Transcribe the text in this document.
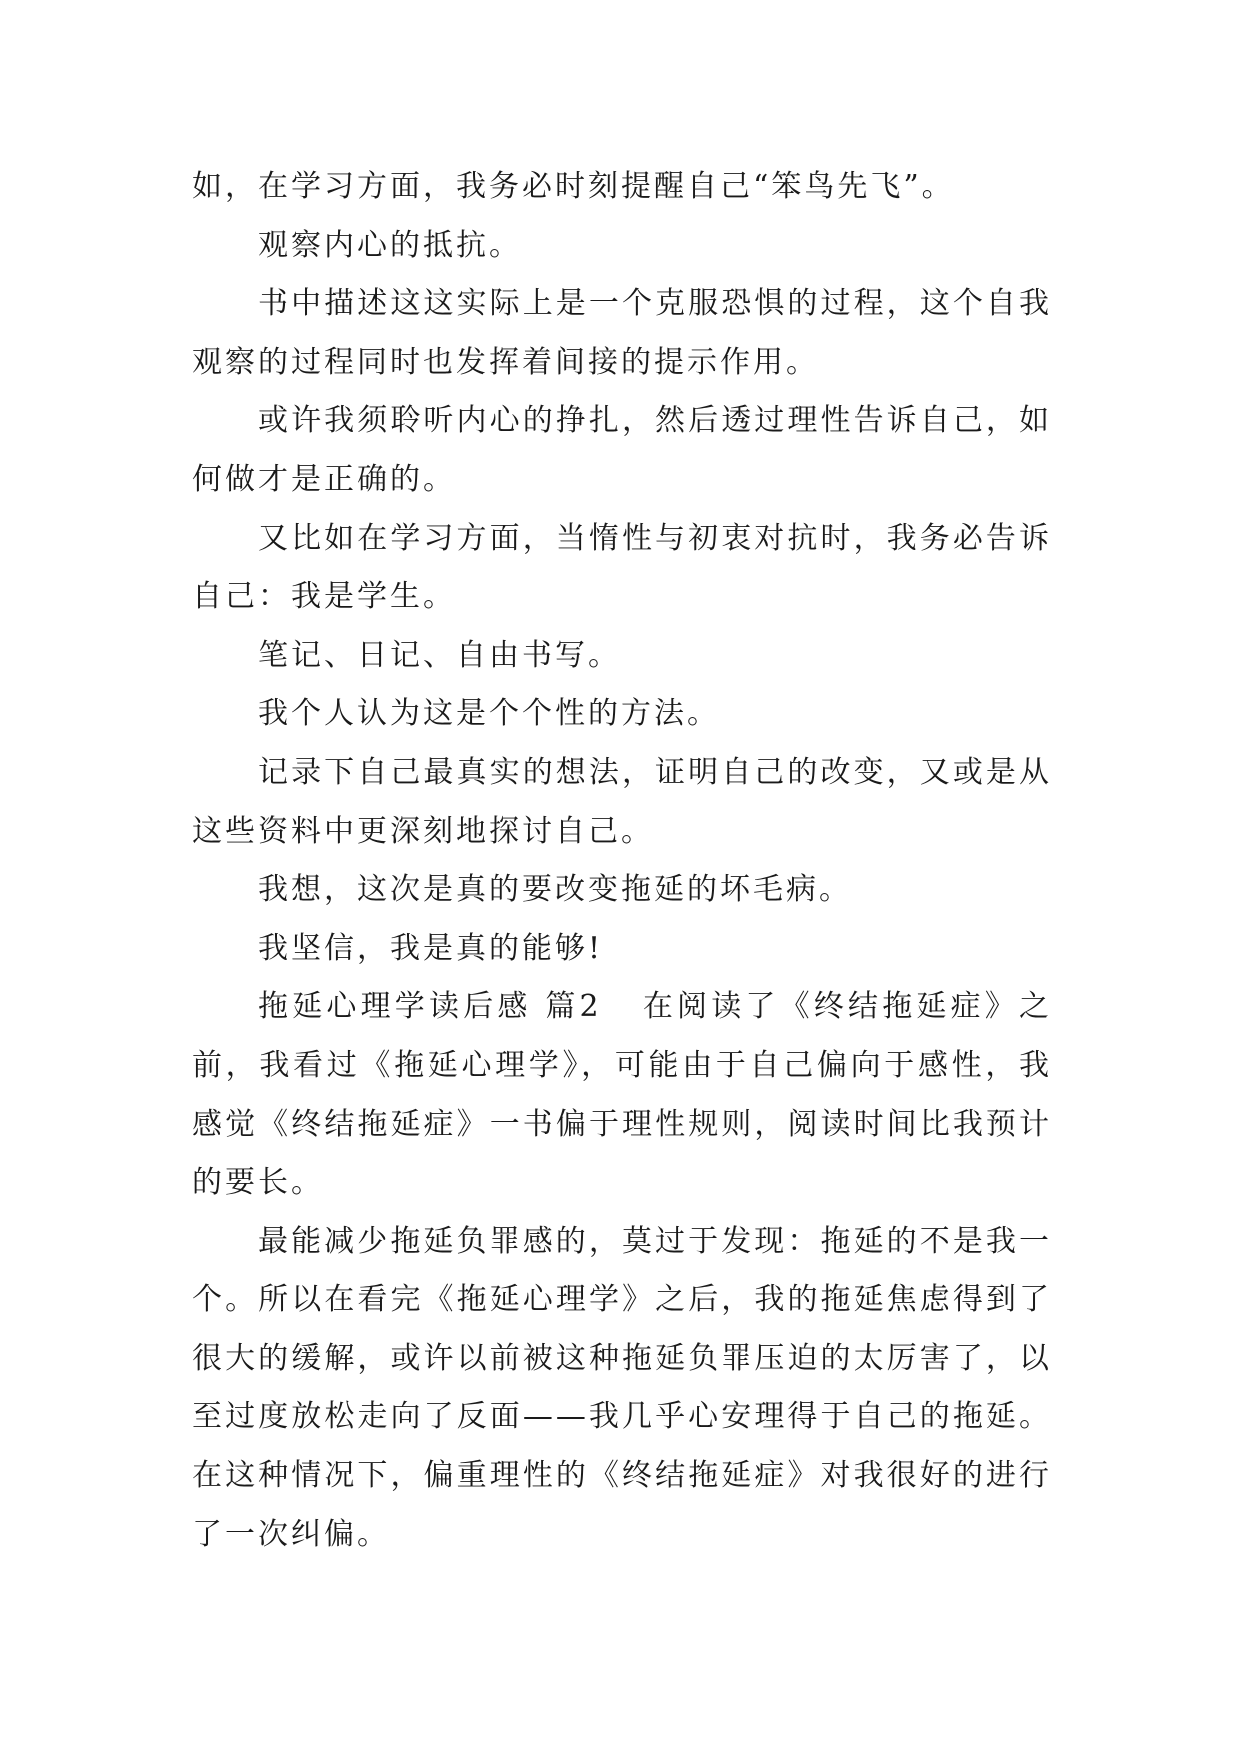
如，在学习方面，我务必时刻提醒自己“笨鸟先飞”。

观察内心的抵抗。

书中描述这这实际上是一个克服恐惧的过程，这个自我观察的过程同时也发挥着间接的提示作用。

或许我须聆听内心的挣扎，然后透过理性告诉自己，如何做才是正确的。

又比如在学习方面，当惰性与初衷对抗时，我务必告诉自己：我是学生。

笔记、日记、自由书写。

我个人认为这是个个性的方法。

记录下自己最真实的想法，证明自己的改变，又或是从这些资料中更深刻地探讨自己。

我想，这次是真的要改变拖延的坏毛病。

我坚信，我是真的能够!

拖延心理学读后感 篇2 在阅读了《终结拖延症》之前，我看过《拖延心理学》，可能由于自己偏向于感性，我感觉《终结拖延症》一书偏于理性规则，阅读时间比我预计的要长。

最能减少拖延负罪感的，莫过于发现：拖延的不是我一个。所以在看完《拖延心理学》之后，我的拖延焦虑得到了很大的缓解，或许以前被这种拖延负罪压迫的太厉害了，以至过度放松走向了反面——我几乎心安理得于自己的拖延。在这种情况下，偏重理性的《终结拖延症》对我很好的进行了一次纠偏。
